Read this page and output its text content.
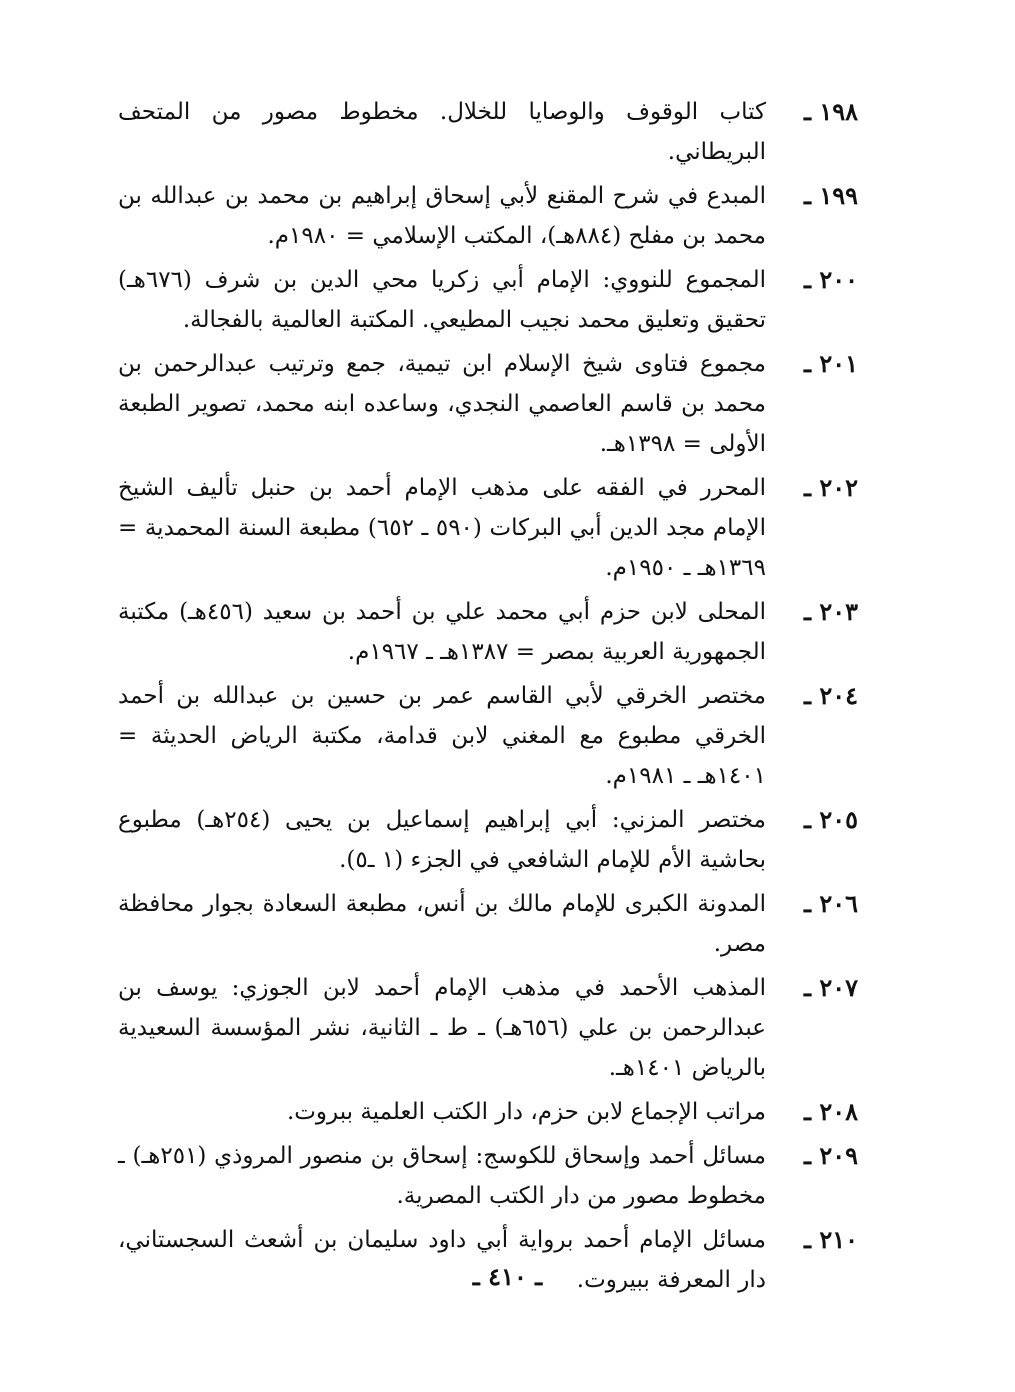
١٩٨ ـ
كتاب الوقوف والوصايا للخلال. مخطوط مصور من المتحف البريطاني.
١٩٩ ـ
المبدع في شرح المقنع لأبي إسحاق إبراهيم بن محمد بن عبدالله بن محمد بن مفلح (٨٨٤هـ)، المكتب الإسلامي = ١٩٨٠م.
٢٠٠ ـ
المجموع للنووي: الإمام أبي زكريا محي الدين بن شرف (٦٧٦هـ) تحقيق وتعليق محمد نجيب المطيعي. المكتبة العالمية بالفجالة.
٢٠١ ـ
مجموع فتاوى شيخ الإسلام ابن تيمية، جمع وترتيب عبدالرحمن بن محمد بن قاسم العاصمي النجدي، وساعده ابنه محمد، تصوير الطبعة الأولى = ١٣٩٨هـ.
٢٠٢ ـ
المحرر في الفقه على مذهب الإمام أحمد بن حنبل تأليف الشيخ الإمام مجد الدين أبي البركات (٥٩٠ ـ ٦٥٢) مطبعة السنة المحمدية = ١٣٦٩هـ ـ ١٩٥٠م.
٢٠٣ ـ
المحلى لابن حزم أبي محمد علي بن أحمد بن سعيد (٤٥٦هـ) مكتبة الجمهورية العربية بمصر = ١٣٨٧هـ ـ ١٩٦٧م.
٢٠٤ ـ
مختصر الخرقي لأبي القاسم عمر بن حسين بن عبدالله بن أحمد الخرقي مطبوع مع المغني لابن قدامة، مكتبة الرياض الحديثة = ١٤٠١هـ ـ ١٩٨١م.
٢٠٥ ـ
مختصر المزني: أبي إبراهيم إسماعيل بن يحيى (٢٥٤هـ) مطبوع بحاشية الأم للإمام الشافعي في الجزء (١ ـ٥).
٢٠٦ ـ
المدونة الكبرى للإمام مالك بن أنس، مطبعة السعادة بجوار محافظة مصر.
٢٠٧ ـ
المذهب الأحمد في مذهب الإمام أحمد لابن الجوزي: يوسف بن عبدالرحمن بن علي (٦٥٦هـ) ـ ط ـ الثانية، نشر المؤسسة السعيدية بالرياض ١٤٠١هـ.
٢٠٨ ـ
مراتب الإجماع لابن حزم، دار الكتب العلمية ببروت.
٢٠٩ ـ
مسائل أحمد وإسحاق للكوسج: إسحاق بن منصور المروذي (٢٥١هـ) ـ مخطوط مصور من دار الكتب المصرية.
٢١٠ ـ
مسائل الإمام أحمد برواية أبي داود سليمان بن أشعث السجستاني، دار المعرفة ببيروت.
ـ ٤١٠ ـ
